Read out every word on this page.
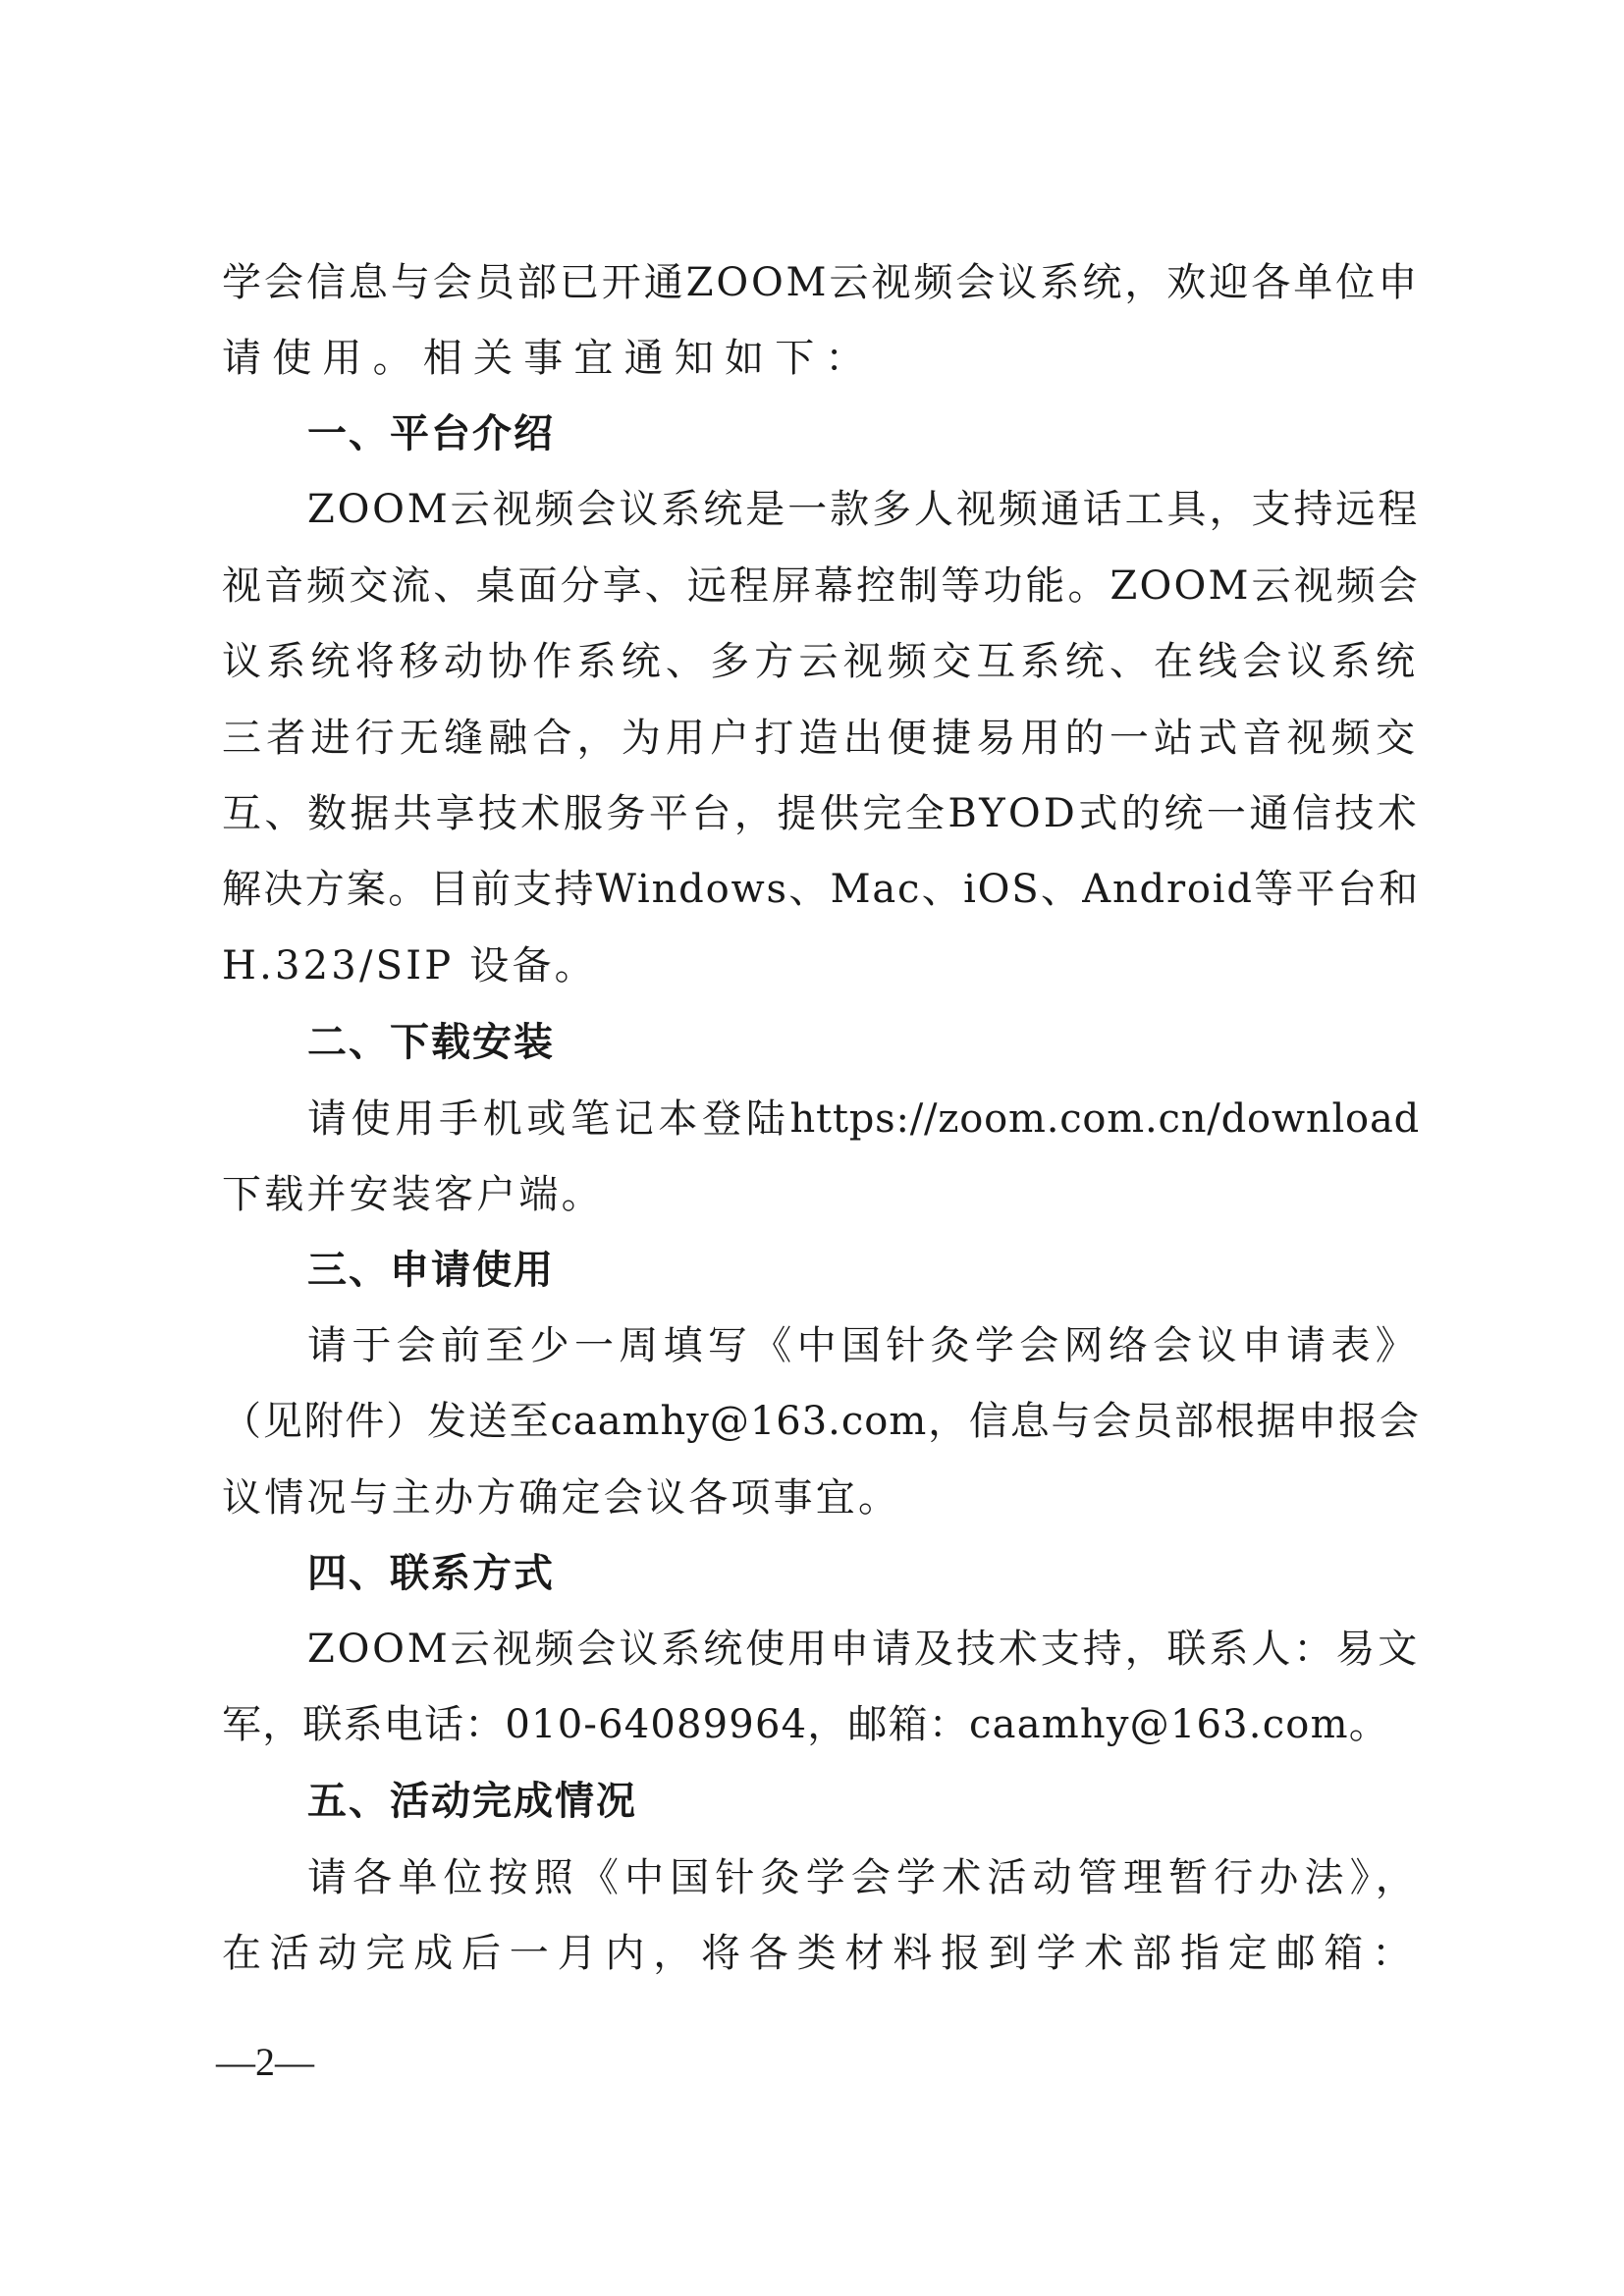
学会信息与会员部已开通ZOOM云视频会议系统，欢迎各单位申
请使用。相关事宜通知如下：
一、平台介绍
ZOOM云视频会议系统是一款多人视频通话工具，支持远程
视音频交流、桌面分享、远程屏幕控制等功能。ZOOM云视频会
议系统将移动协作系统、多方云视频交互系统、在线会议系统
三者进行无缝融合，为用户打造出便捷易用的一站式音视频交
互、数据共享技术服务平台，提供完全BYOD式的统一通信技术
解决方案。目前支持Windows、Mac、iOS、Android等平台和
H.323/SIP 设备。
二、下载安装
请使用手机或笔记本登陆https://zoom.com.cn/download
下载并安装客户端。
三、申请使用
请于会前至少一周填写《中国针灸学会网络会议申请表》
（见附件）发送至caamhy@163.com，信息与会员部根据申报会
议情况与主办方确定会议各项事宜。
四、联系方式
ZOOM云视频会议系统使用申请及技术支持，联系人：易文
军，联系电话：010-64089964，邮箱：caamhy@163.com。
五、活动完成情况
请各单位按照《中国针灸学会学术活动管理暂行办法》，
在活动完成后一月内，将各类材料报到学术部指定邮箱：
—2—
